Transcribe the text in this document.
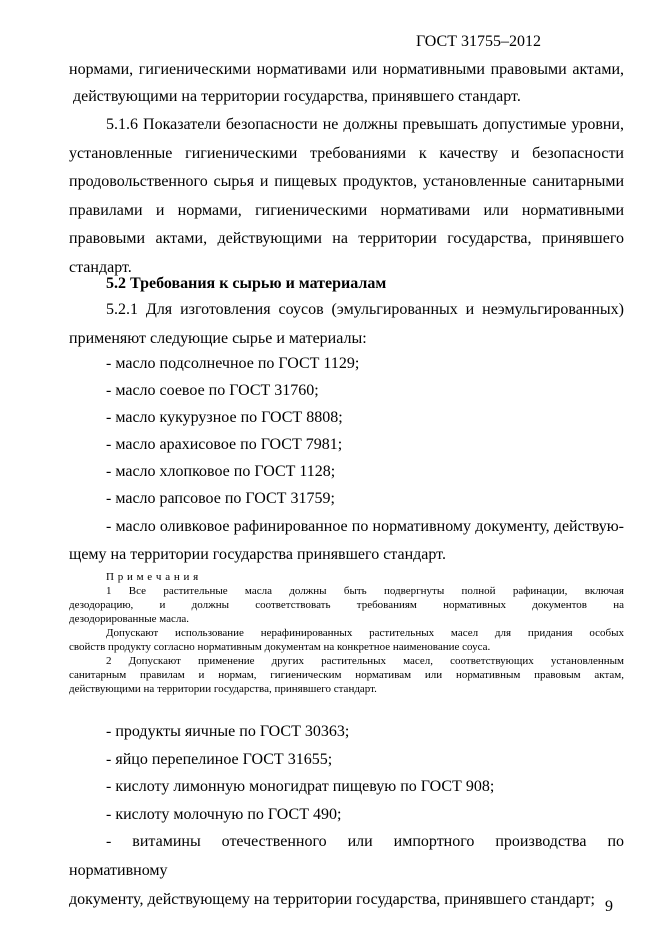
ГОСТ 31755–2012
нормами, гигиеническими нормативами или нормативными правовыми актами,
действующими на территории государства, принявшего стандарт.
5.1.6 Показатели безопасности не должны превышать допустимые уровни,
установленные гигиеническими требованиями к качеству и безопасности
продовольственного сырья и пищевых продуктов, установленные санитарными
правилами и нормами, гигиеническими нормативами или нормативными
правовыми актами, действующими на территории государства, принявшего
стандарт.
5.2 Требования к сырью и материалам
5.2.1 Для изготовления соусов (эмульгированных и неэмульгированных)
применяют следующие сырье и материалы:
- масло подсолнечное по ГОСТ 1129;
- масло соевое по ГОСТ 31760;
- масло кукурузное по ГОСТ 8808;
- масло арахисовое по ГОСТ 7981;
- масло хлопковое по ГОСТ 1128;
- масло рапсовое по ГОСТ 31759;
- масло оливковое рафинированное по нормативному документу, действую-
щему на территории государства принявшего стандарт.
П р и м е ч а н и я
1 Все растительные масла должны быть подвергнуты полной рафинации, включая
дезодорацию, и должны соответствовать требованиям нормативных документов на
дезодорированные масла.
Допускают использование нерафинированных растительных масел для придания особых
свойств продукту согласно нормативным документам на конкретное наименование соуса.
2 Допускают применение других растительных масел, соответствующих установленным
санитарным правилам и нормам, гигиеническим нормативам или нормативным правовым актам,
действующими на территории государства, принявшего стандарт.
- продукты яичные по ГОСТ 30363;
- яйцо перепелиное ГОСТ 31655;
- кислоту лимонную моногидрат пищевую по ГОСТ 908;
- кислоту молочную по ГОСТ 490;
- витамины отечественного или импортного производства по нормативному
документу, действующему на территории государства, принявшего стандарт; 9
